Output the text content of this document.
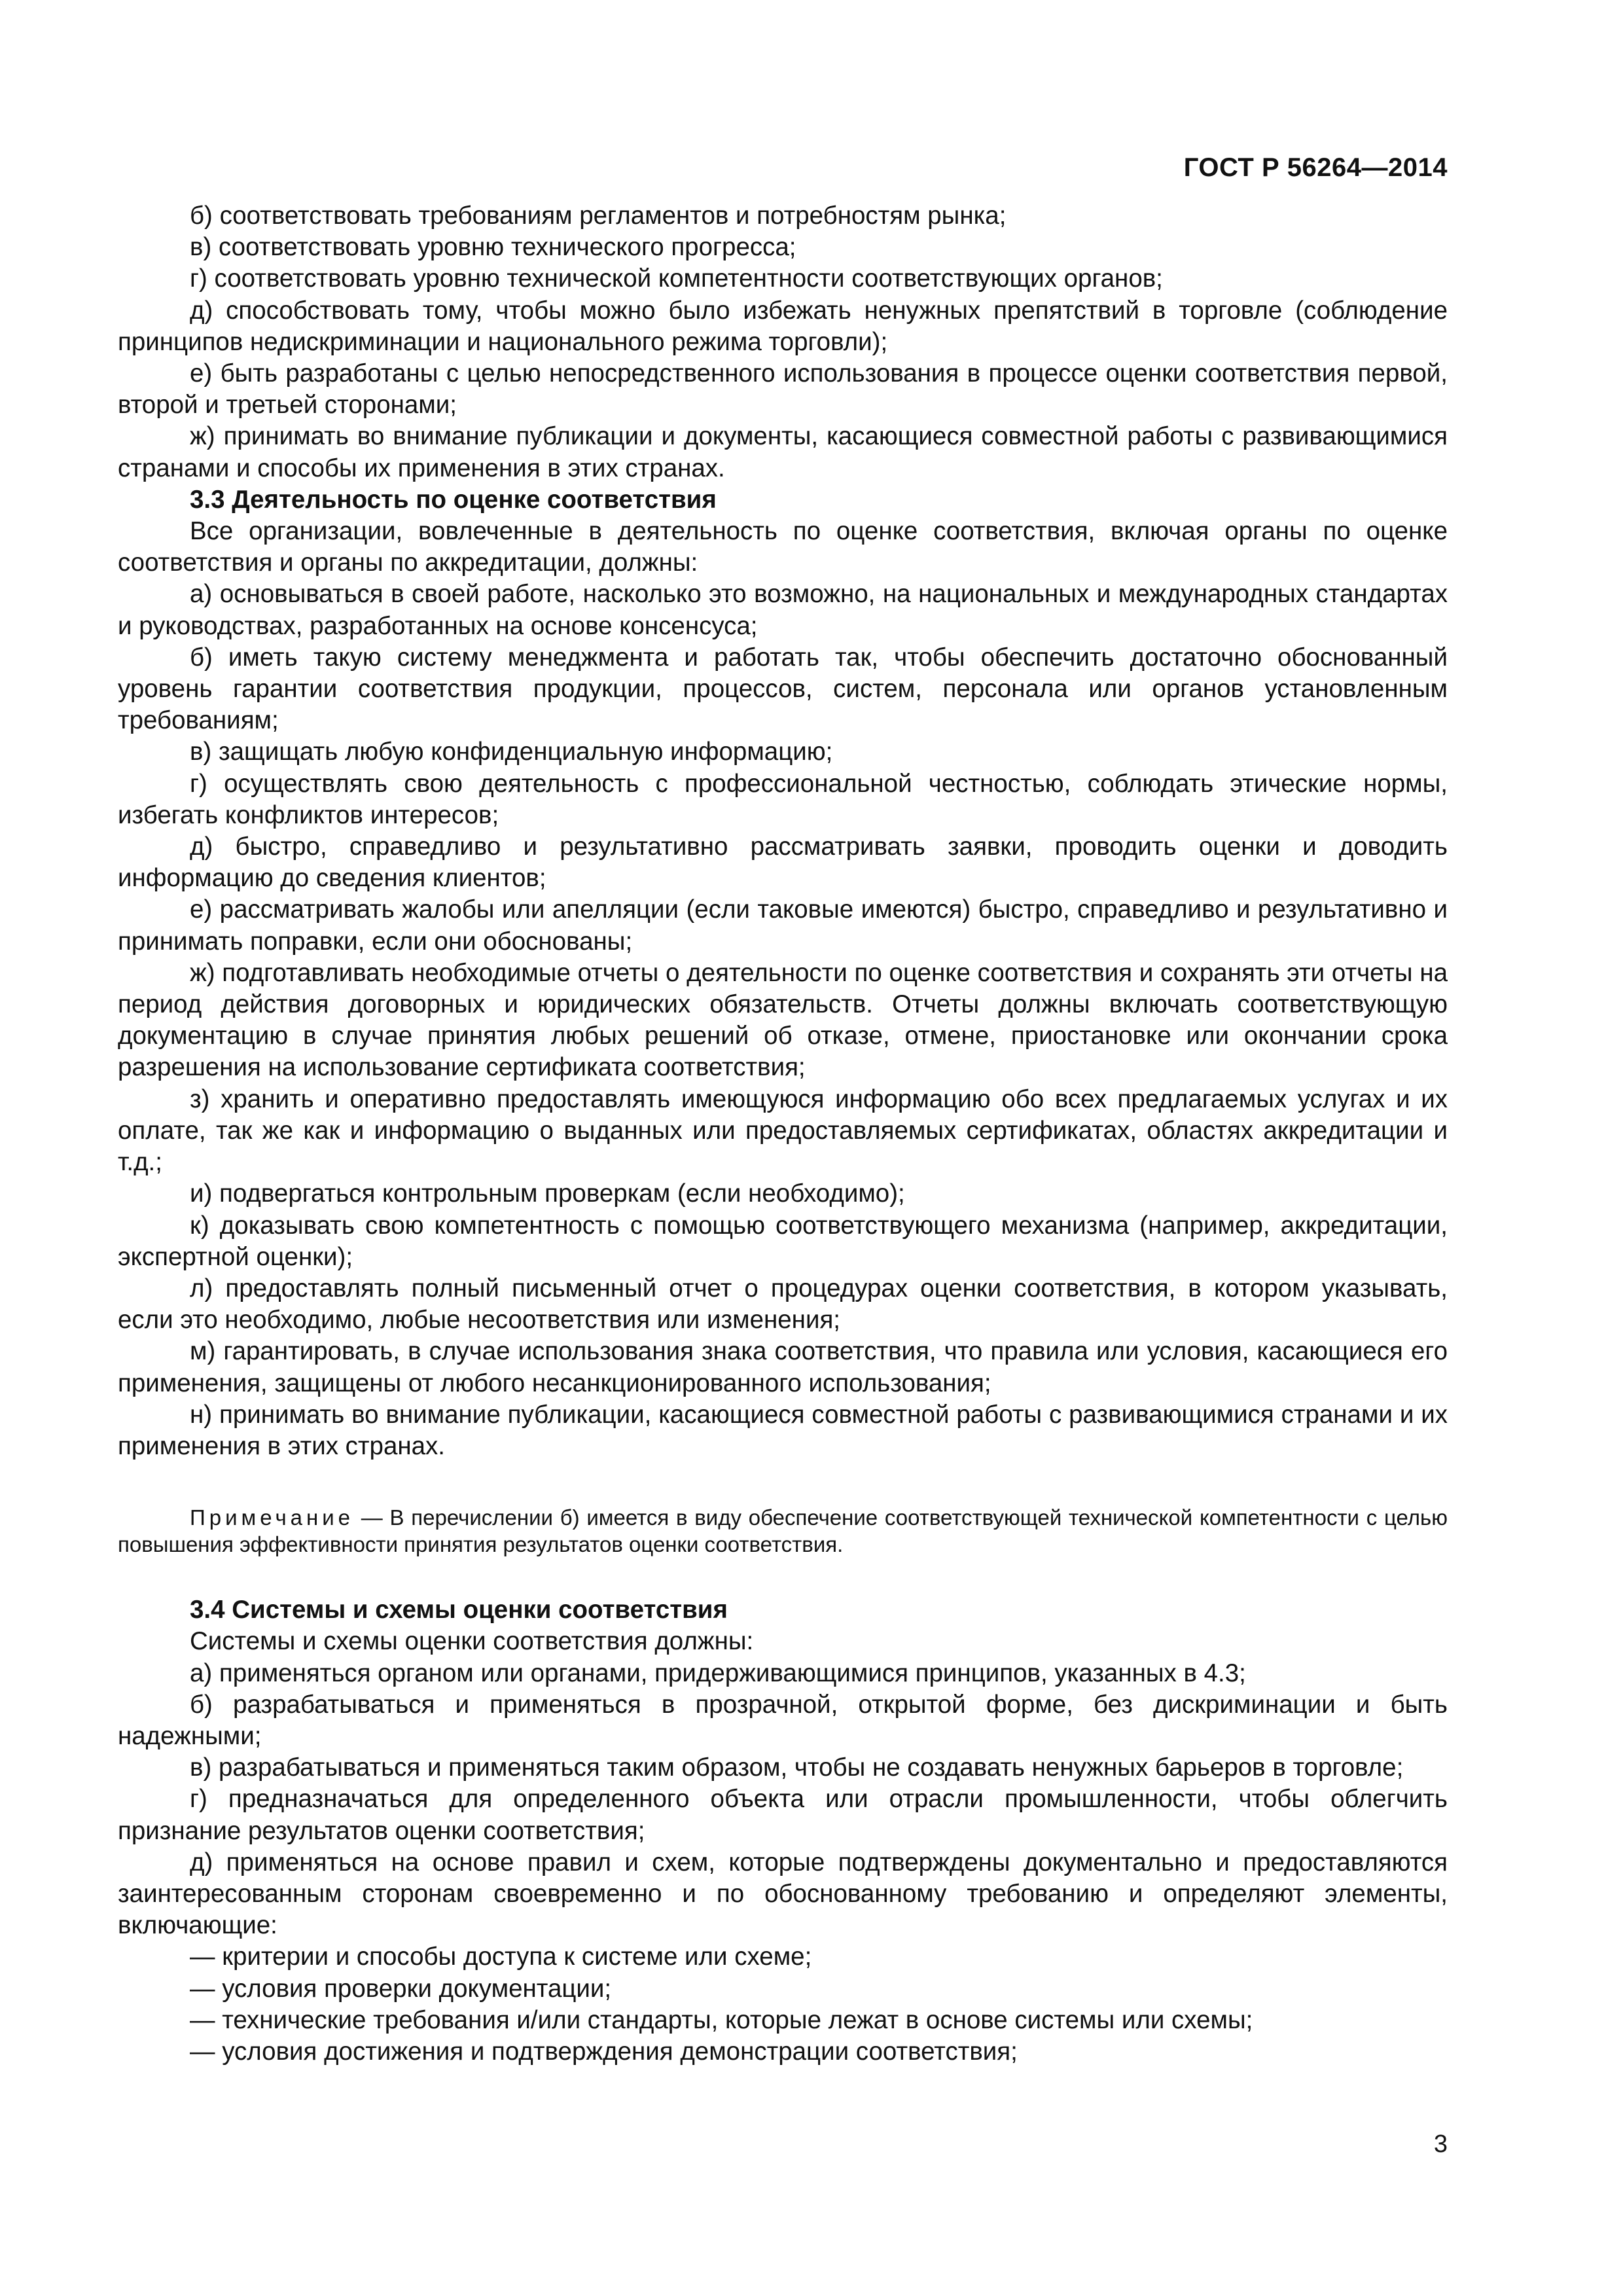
ГОСТ Р 56264—2014

б) соответствовать требованиям регламентов и потребностям рынка;

в) соответствовать уровню технического прогресса;

г) соответствовать уровню технической компетентности соответствующих органов;

д) способствовать тому, чтобы можно было избежать ненужных препятствий в торговле (соблюдение принципов недискриминации и национального режима торговли);

е) быть разработаны с целью непосредственного использования в процессе оценки соответствия первой, второй и третьей сторонами;

ж) принимать во внимание публикации и документы, касающиеся совместной работы с развивающимися странами и способы их применения в этих странах.

3.3 Деятельность по оценке соответствия

Все организации, вовлеченные в деятельность по оценке соответствия, включая органы по оценке соответствия и органы по аккредитации, должны:

а) основываться в своей работе, насколько это возможно, на национальных и международных стандартах и руководствах, разработанных на основе консенсуса;

б) иметь такую систему менеджмента и работать так, чтобы обеспечить достаточно обоснованный уровень гарантии соответствия продукции, процессов, систем, персонала или органов установленным требованиям;

в) защищать любую конфиденциальную информацию;

г) осуществлять свою деятельность с профессиональной честностью, соблюдать этические нормы, избегать конфликтов интересов;

д) быстро, справедливо и результативно рассматривать заявки, проводить оценки и доводить информацию до сведения клиентов;

е) рассматривать жалобы или апелляции (если таковые имеются) быстро, справедливо и результативно и принимать поправки, если они обоснованы;

ж) подготавливать необходимые отчеты о деятельности по оценке соответствия и сохранять эти отчеты на период действия договорных и юридических обязательств. Отчеты должны включать соответствующую документацию в случае принятия любых решений об отказе, отмене, приостановке или окончании срока разрешения на использование сертификата соответствия;

з) хранить и оперативно предоставлять имеющуюся информацию обо всех предлагаемых услугах и их оплате, так же как и информацию о выданных или предоставляемых сертификатах, областях аккредитации и т.д.;

и) подвергаться контрольным проверкам (если необходимо);

к) доказывать свою компетентность с помощью соответствующего механизма (например, аккредитации, экспертной оценки);

л) предоставлять полный письменный отчет о процедурах оценки соответствия, в котором указывать, если это необходимо, любые несоответствия или изменения;

м) гарантировать, в случае использования знака соответствия, что правила или условия, касающиеся его применения, защищены от любого несанкционированного использования;

н) принимать во внимание публикации, касающиеся совместной работы с развивающимися странами и их применения в этих странах.

Примечание — В перечислении б) имеется в виду обеспечение соответствующей технической компетентности с целью повышения эффективности принятия результатов оценки соответствия.

3.4 Системы и схемы оценки соответствия

Системы и схемы оценки соответствия должны:

а) применяться органом или органами, придерживающимися принципов, указанных в 4.3;

б) разрабатываться и применяться в прозрачной, открытой форме, без дискриминации и быть надежными;

в) разрабатываться и применяться таким образом, чтобы не создавать ненужных барьеров в торговле;

г) предназначаться для определенного объекта или отрасли промышленности, чтобы облегчить признание результатов оценки соответствия;

д) применяться на основе правил и схем, которые подтверждены документально и предоставляются заинтересованным сторонам своевременно и по обоснованному требованию и определяют элементы, включающие:

— критерии и способы доступа к системе или схеме;

— условия проверки документации;

— технические требования и/или стандарты, которые лежат в основе системы или схемы;

— условия достижения и подтверждения демонстрации соответствия;

3
